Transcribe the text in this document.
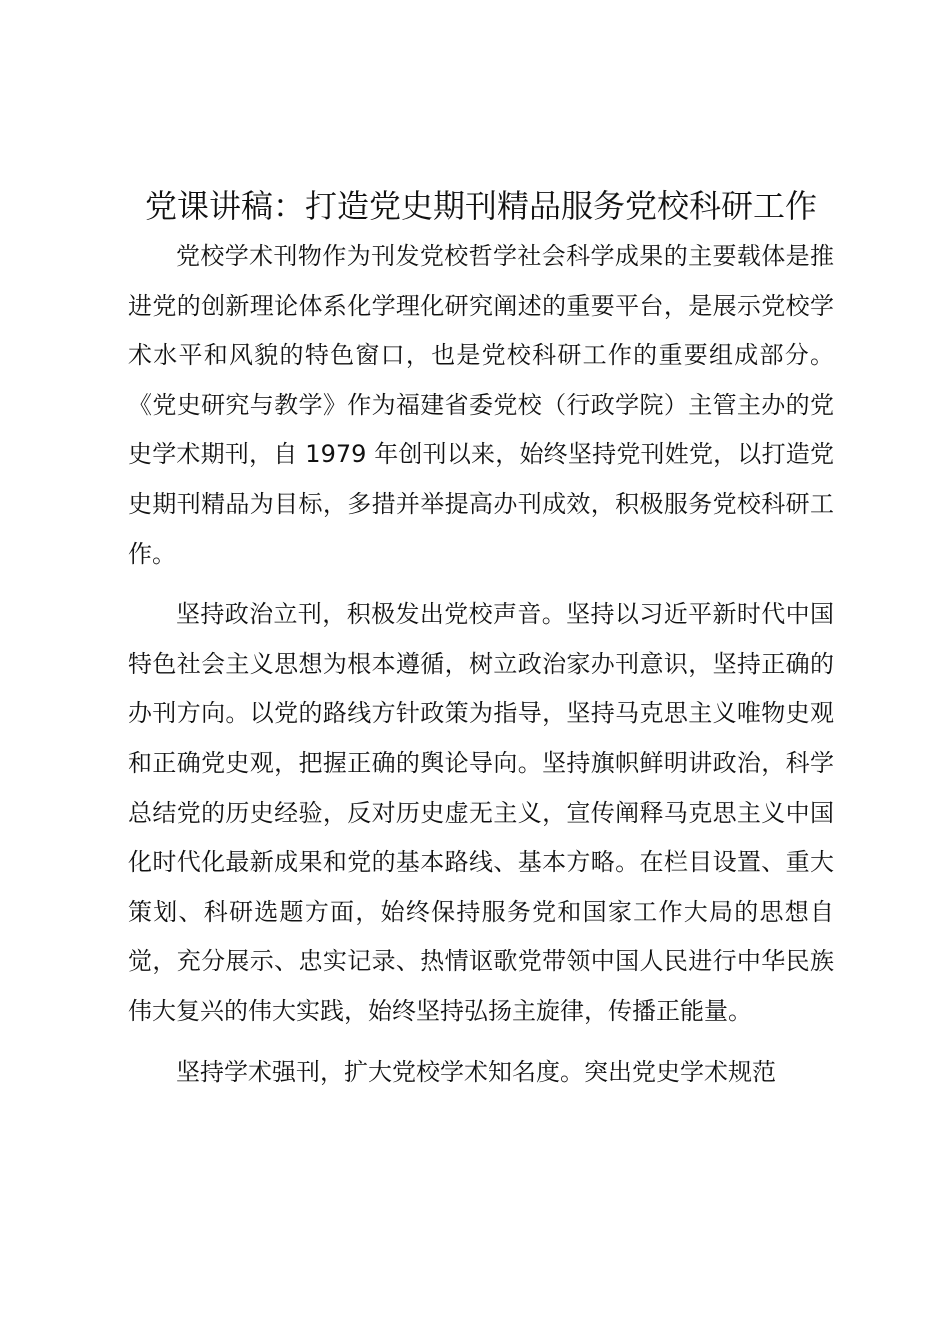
党课讲稿：打造党史期刊精品服务党校科研工作

党校学术刊物作为刊发党校哲学社会科学成果的主要载体是推进党的创新理论体系化学理化研究阐述的重要平台，是展示党校学术水平和风貌的特色窗口，也是党校科研工作的重要组成部分。《党史研究与教学》作为福建省委党校（行政学院）主管主办的党史学术期刊，自 1979 年创刊以来，始终坚持党刊姓党，以打造党史期刊精品为目标，多措并举提高办刊成效，积极服务党校科研工作。

坚持政治立刊，积极发出党校声音。坚持以习近平新时代中国特色社会主义思想为根本遵循，树立政治家办刊意识，坚持正确的办刊方向。以党的路线方针政策为指导，坚持马克思主义唯物史观和正确党史观，把握正确的舆论导向。坚持旗帜鲜明讲政治，科学总结党的历史经验，反对历史虚无主义，宣传阐释马克思主义中国化时代化最新成果和党的基本路线、基本方略。在栏目设置、重大策划、科研选题方面，始终保持服务党和国家工作大局的思想自觉，充分展示、忠实记录、热情讴歌党带领中国人民进行中华民族伟大复兴的伟大实践，始终坚持弘扬主旋律，传播正能量。

坚持学术强刊，扩大党校学术知名度。突出党史学术规范
